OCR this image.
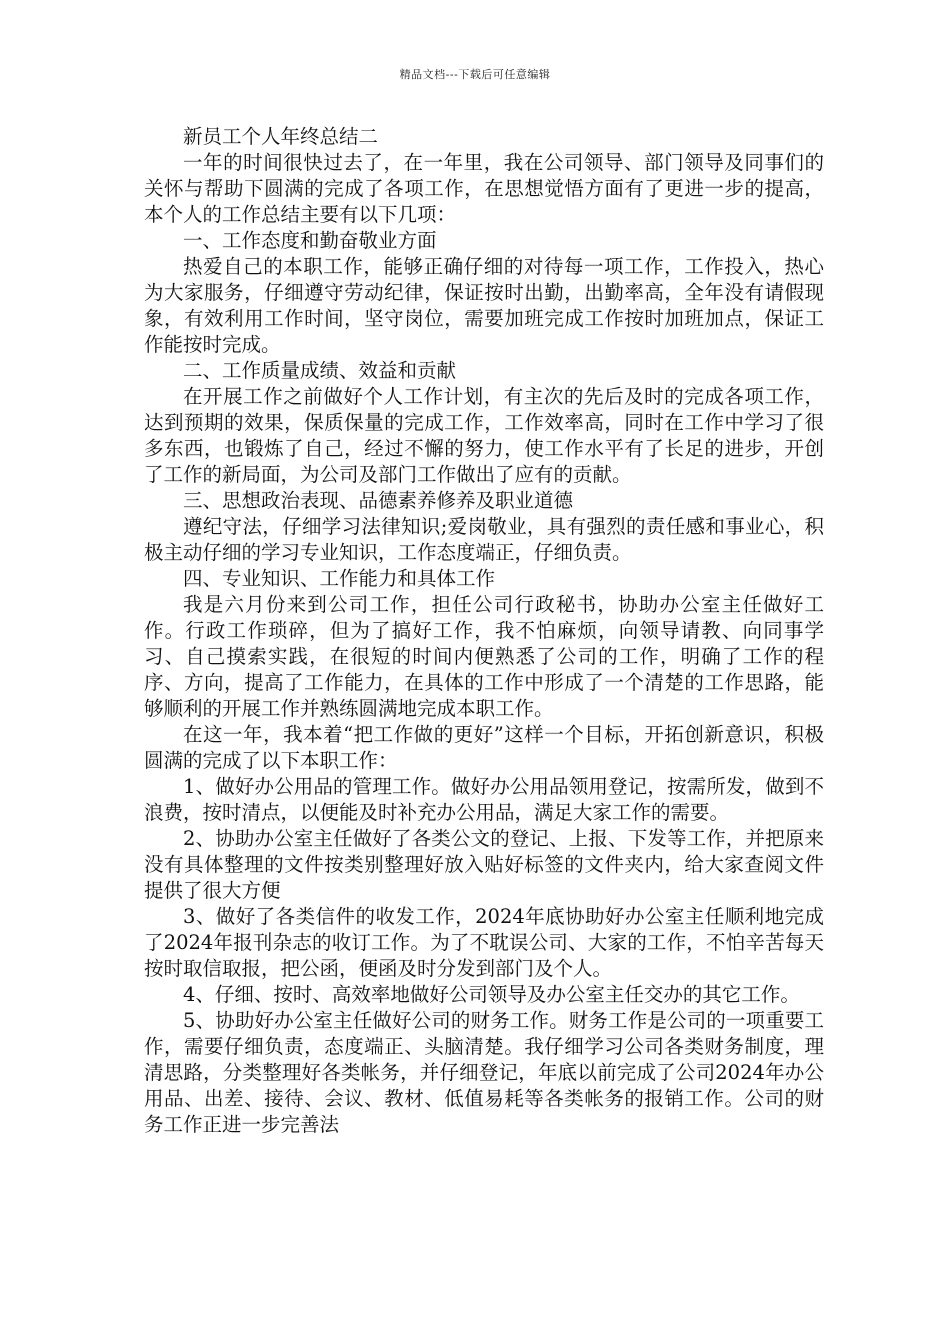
精品文档---下载后可任意编辑

新员工个人年终总结二

一年的时间很快过去了，在一年里，我在公司领导、部门领导及同事们的关怀与帮助下圆满的完成了各项工作，在思想觉悟方面有了更进一步的提高，本个人的工作总结主要有以下几项：

一、工作态度和勤奋敬业方面

热爱自己的本职工作，能够正确仔细的对待每一项工作，工作投入，热心为大家服务，仔细遵守劳动纪律，保证按时出勤，出勤率高，全年没有请假现象，有效利用工作时间，坚守岗位，需要加班完成工作按时加班加点，保证工作能按时完成。

二、工作质量成绩、效益和贡献

在开展工作之前做好个人工作计划，有主次的先后及时的完成各项工作，达到预期的效果，保质保量的完成工作，工作效率高，同时在工作中学习了很多东西，也锻炼了自己，经过不懈的努力，使工作水平有了长足的进步，开创了工作的新局面，为公司及部门工作做出了应有的贡献。

三、思想政治表现、品德素养修养及职业道德

遵纪守法，仔细学习法律知识;爱岗敬业，具有强烈的责任感和事业心，积极主动仔细的学习专业知识，工作态度端正，仔细负责。

四、专业知识、工作能力和具体工作

我是六月份来到公司工作，担任公司行政秘书，协助办公室主任做好工作。行政工作琐碎，但为了搞好工作，我不怕麻烦，向领导请教、向同事学习、自己摸索实践，在很短的时间内便熟悉了公司的工作，明确了工作的程序、方向，提高了工作能力，在具体的工作中形成了一个清楚的工作思路，能够顺利的开展工作并熟练圆满地完成本职工作。

在这一年，我本着“把工作做的更好”这样一个目标，开拓创新意识，积极圆满的完成了以下本职工作：

1、做好办公用品的管理工作。做好办公用品领用登记，按需所发，做到不浪费，按时清点，以便能及时补充办公用品，满足大家工作的需要。

2、协助办公室主任做好了各类公文的登记、上报、下发等工作，并把原来没有具体整理的文件按类别整理好放入贴好标签的文件夹内，给大家查阅文件提供了很大方便

3、做好了各类信件的收发工作，2024年底协助好办公室主任顺利地完成了2024年报刊杂志的收订工作。为了不耽误公司、大家的工作，不怕辛苦每天按时取信取报，把公函，便函及时分发到部门及个人。

4、仔细、按时、高效率地做好公司领导及办公室主任交办的其它工作。

5、协助好办公室主任做好公司的财务工作。财务工作是公司的一项重要工作，需要仔细负责，态度端正、头脑清楚。我仔细学习公司各类财务制度，理清思路，分类整理好各类帐务，并仔细登记，年底以前完成了公司2024年办公用品、出差、接待、会议、教材、低值易耗等各类帐务的报销工作。公司的财务工作正进一步完善法
